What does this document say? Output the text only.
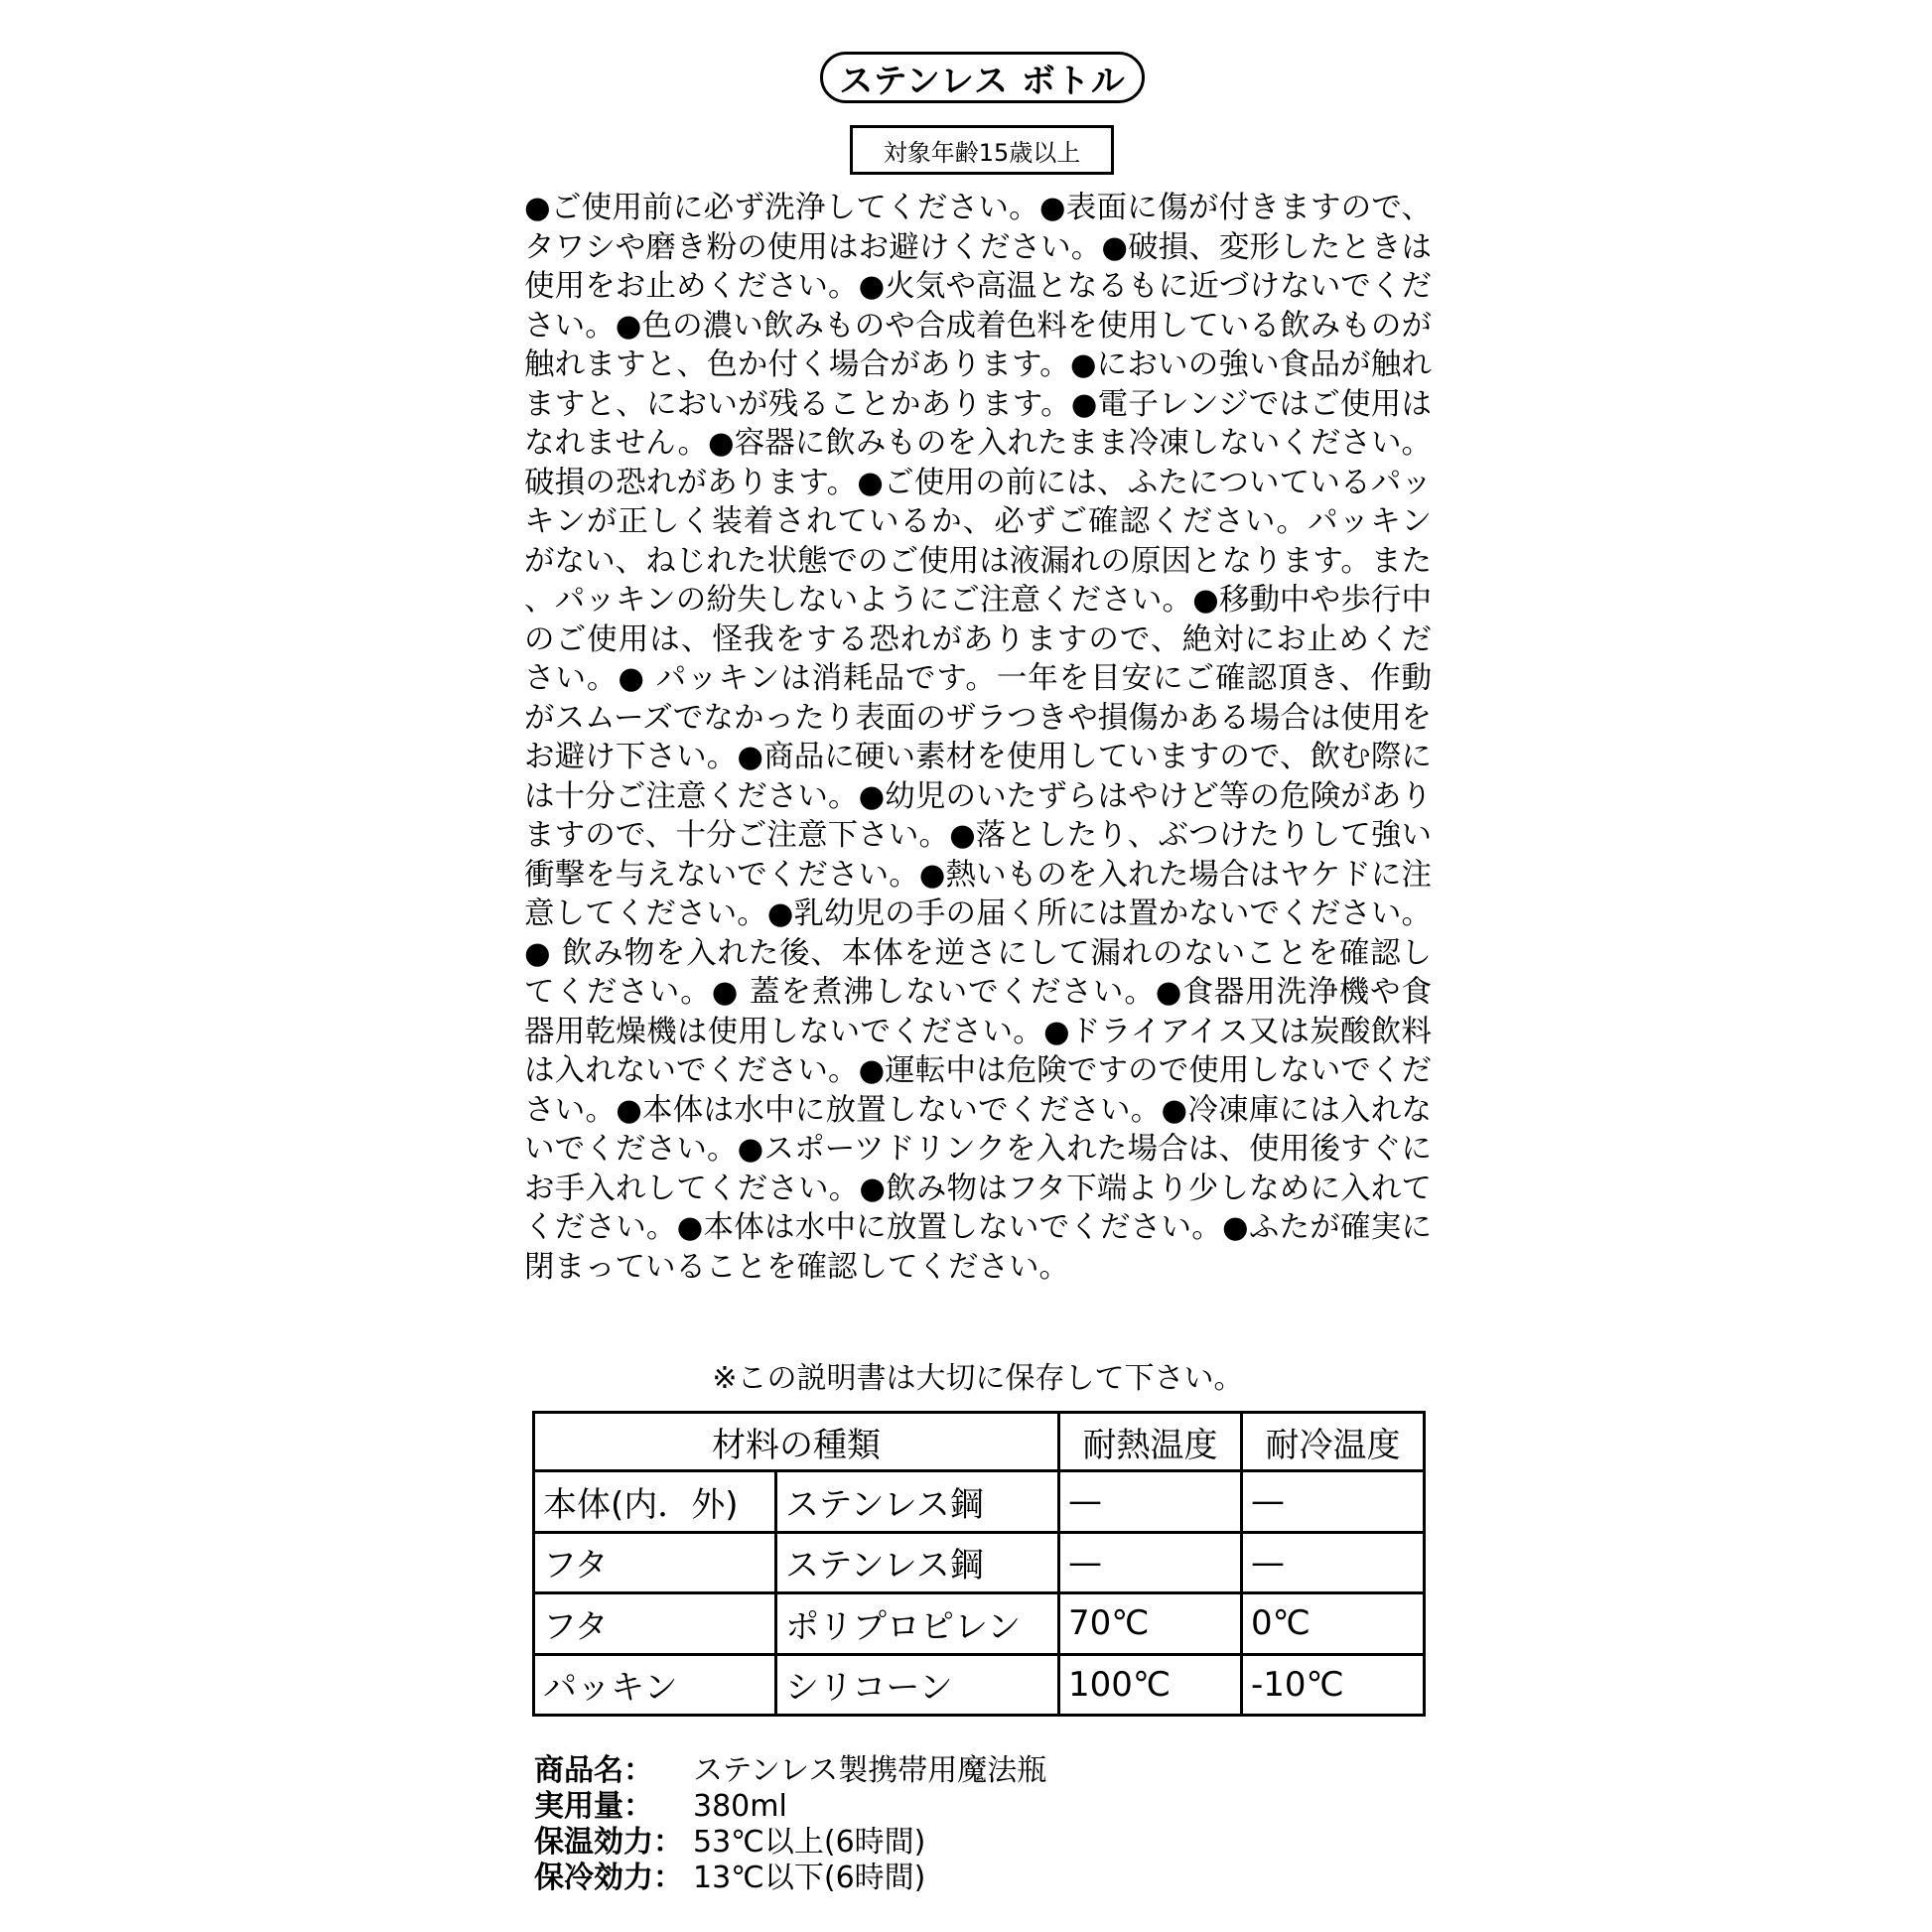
ステンレス ボトル
対象年齢15歳以上
●ご使用前に必ず洗浄してください。●表面に傷が付きますので、タワシや磨き粉の使用はお避けください。●破損、変形したときは使用をお止めください。●火気や高温となるもに近づけないでください。●色の濃い飲みものや合成着色料を使用している飲みものが触れますと、色か付く場合があります。●においの強い食品が触れますと、においが残ることかあります。●電子レンジではご使用はなれません。●容器に飲みものを入れたまま冷凍しないください。破損の恐れがあります。●ご使用の前には、ふたについているパッキンが正しく装着されているか、必ずご確認ください。パッキンがない、ねじれた状態でのご使用は液漏れの原因となります。また、パッキンの紛失しないようにご注意ください。●移動中や歩行中のご使用は、怪我をする恐れがありますので、絶対にお止めください。● パッキンは消耗品です。一年を目安にご確認頂き、作動がスムーズでなかったり表面のザラつきや損傷かある場合は使用をお避け下さい。●商品に硬い素材を使用していますので、飲む際には十分ご注意ください。●幼児のいたずらはやけど等の危険がありますので、十分ご注意下さい。●落としたり、ぶつけたりして強い衝撃を与えないでください。●熱いものを入れた場合はヤケドに注意してください。●乳幼児の手の届く所には置かないでください。● 飲み物を入れた後、本体を逆さにして漏れのないことを確認してください。● 蓋を煮沸しないでください。●食器用洗浄機や食器用乾燥機は使用しないでください。●ドライアイス又は炭酸飲料は入れないでください。●運転中は危険ですので使用しないでください。●本体は水中に放置しないでください。●冷凍庫には入れないでください。●スポーツドリンクを入れた場合は、使用後すぐにお手入れしてください。●飲み物はフタ下端より少しなめに入れてください。●本体は水中に放置しないでください。●ふたが確実に閉まっていることを確認してください。
※この説明書は大切に保存して下さい。
材料の種類		耐熱温度	耐冷温度
本体(内．外)	ステンレス鋼	—	—
フタ	ステンレス鋼	—	—
フタ	ポリプロピレン	70℃	0℃
パッキン	シリコーン	100℃	-10℃
商品名：	ステンレス製携帯用魔法瓶
実用量：	380ml
保温効力： 53℃以上(6時間)
保冷効力： 13℃以下(6時間)
